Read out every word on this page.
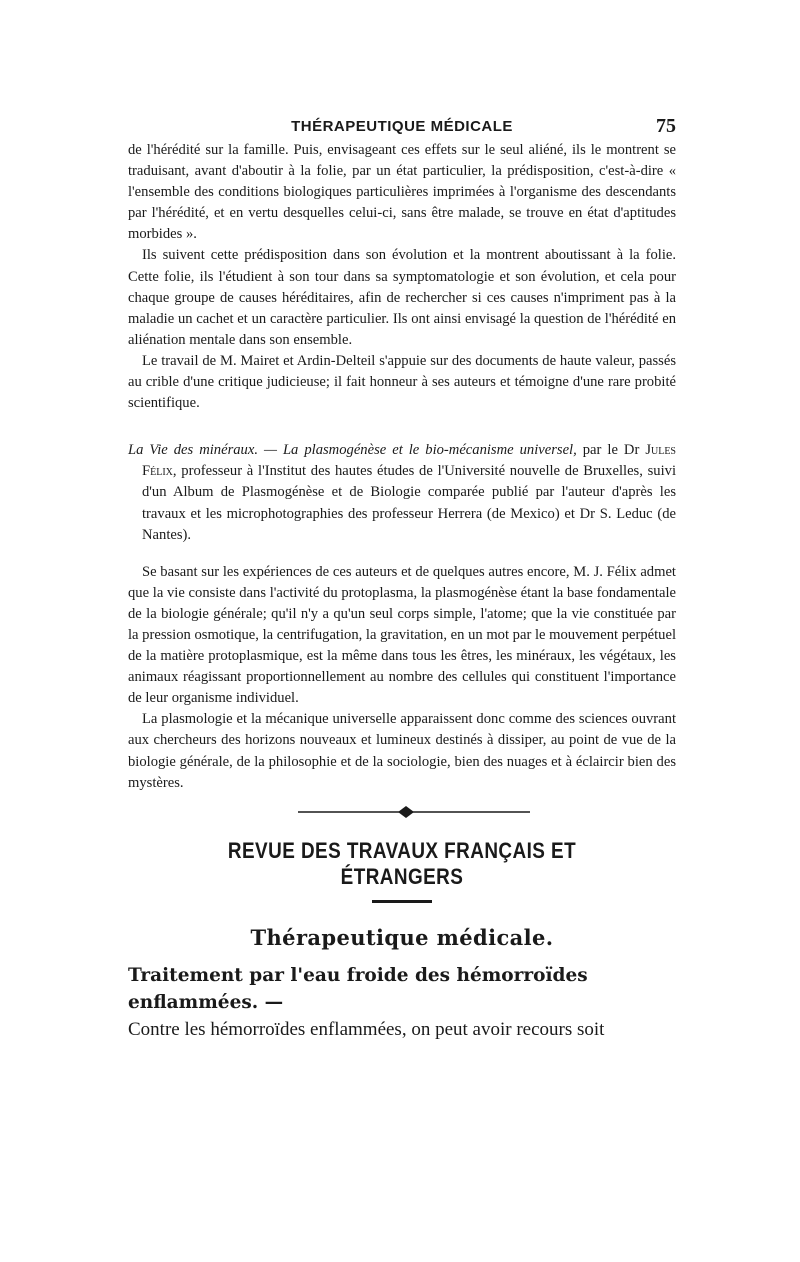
THÉRAPEUTIQUE MÉDICALE	75

de l'hérédité sur la famille. Puis, envisageant ces effets sur le seul aliéné, ils le montrent se traduisant, avant d'aboutir à la folie, par un état particulier, la prédisposition, c'est-à-dire « l'ensemble des conditions biologiques particulières imprimées à l'organisme des descendants par l'hérédité, et en vertu desquelles celui-ci, sans être malade, se trouve en état d'aptitudes morbides ».

Ils suivent cette prédisposition dans son évolution et la montrent aboutissant à la folie. Cette folie, ils l'étudient à son tour dans sa symptomatologie et son évolution, et cela pour chaque groupe de causes héréditaires, afin de rechercher si ces causes n'impriment pas à la maladie un cachet et un caractère particulier. Ils ont ainsi envisagé la question de l'hérédité en aliénation mentale dans son ensemble.

Le travail de M. Mairet et Ardin-Delteil s'appuie sur des documents de haute valeur, passés au crible d'une critique judicieuse; il fait honneur à ses auteurs et témoigne d'une rare probité scientifique.

La Vie des minéraux. — La plasmogénèse et le bio-mécanisme universel, par le Dr Jules Félix, professeur à l'Institut des hautes études de l'Université nouvelle de Bruxelles, suivi d'un Album de Plasmogénèse et de Biologie comparée publié par l'auteur d'après les travaux et les microphotographies des professeur Herrera (de Mexico) et Dr S. Leduc (de Nantes).

Se basant sur les expériences de ces auteurs et de quelques autres encore, M. J. Félix admet que la vie consiste dans l'activité du protoplasma, la plasmogénèse étant la base fondamentale de la biologie générale; qu'il n'y a qu'un seul corps simple, l'atome; que la vie constituée par la pression osmotique, la centrifugation, la gravitation, en un mot par le mouvement perpétuel de la matière protoplasmique, est la même dans tous les êtres, les minéraux, les végétaux, les animaux réagissant proportionnellement au nombre des cellules qui constituent l'importance de leur organisme individuel.

La plasmologie et la mécanique universelle apparaissent donc comme des sciences ouvrant aux chercheurs des horizons nouveaux et lumineux destinés à dissiper, au point de vue de la biologie générale, de la philosophie et de la sociologie, bien des nuages et à éclaircir bien des mystères.

REVUE DES TRAVAUX FRANÇAIS ET ÉTRANGERS
Thérapeutique médicale.
Traitement par l'eau froide des hémorroïdes enflammées. —
Contre les hémorroïdes enflammées, on peut avoir recours soit
